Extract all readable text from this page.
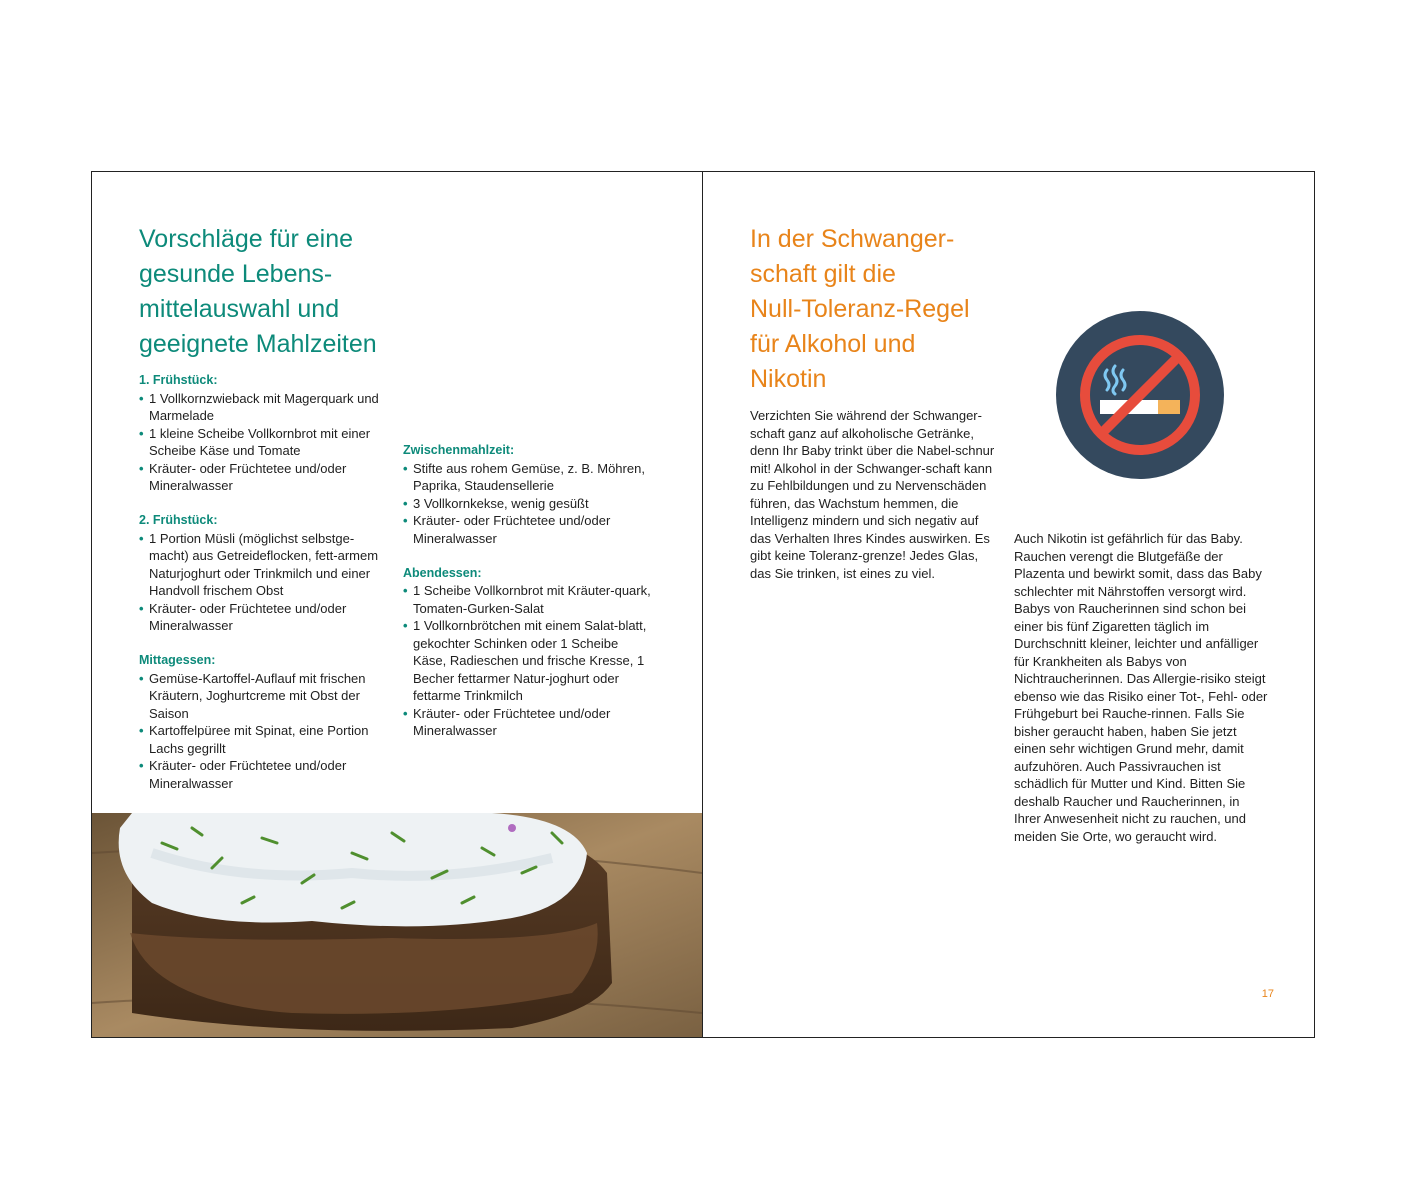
Vorschläge für eine
gesunde Lebens-
mittelauswahl und
geeignete Mahlzeiten

1. Frühstück:

• 1 Vollkornzwieback mit Magerquark und Marmelade
• 1 kleine Scheibe Vollkornbrot mit einer Scheibe Käse und Tomate
• Kräuter- oder Früchtetee und/oder Mineralwasser

2. Frühstück:

• 1 Portion Müsli (möglichst selbstge-macht) aus Getreideflocken, fett-armem Naturjoghurt oder Trinkmilch und einer Handvoll frischem Obst
• Kräuter- oder Früchtetee und/oder Mineralwasser

Mittagessen:

• Gemüse-Kartoffel-Auflauf mit frischen Kräutern, Joghurtcreme mit Obst der Saison
• Kartoffelpüree mit Spinat, eine Portion Lachs gegrillt
• Kräuter- oder Früchtetee und/oder Mineralwasser

Zwischenmahlzeit:

• Stifte aus rohem Gemüse, z. B. Möhren, Paprika, Staudensellerie
• 3 Vollkornkekse, wenig gesüßt
• Kräuter- oder Früchtetee und/oder Mineralwasser

Abendessen:

• 1 Scheibe Vollkornbrot mit Kräuter-quark, Tomaten-Gurken-Salat
• 1 Vollkornbrötchen mit einem Salat-blatt, gekochter Schinken oder 1 Scheibe Käse, Radieschen und frische Kresse, 1 Becher fettarmer Natur-joghurt oder fettarme Trinkmilch
• Kräuter- oder Früchtetee und/oder Mineralwasser
In der Schwanger-
schaft gilt die
Null-Toleranz-Regel
für Alkohol und
Nikotin

Verzichten Sie während der Schwanger-schaft ganz auf alkoholische Getränke, denn Ihr Baby trinkt über die Nabel-schnur mit! Alkohol in der Schwanger-schaft kann zu Fehlbildungen und zu Nervenschäden führen, das Wachstum hemmen, die Intelligenz mindern und sich negativ auf das Verhalten Ihres Kindes auswirken. Es gibt keine Toleranz-grenze! Jedes Glas, das Sie trinken, ist eines zu viel.

Auch Nikotin ist gefährlich für das Baby. Rauchen verengt die Blutgefäße der Plazenta und bewirkt somit, dass das Baby schlechter mit Nährstoffen versorgt wird. Babys von Raucherinnen sind schon bei einer bis fünf Zigaretten täglich im Durchschnitt kleiner, leichter und anfälliger für Krankheiten als Babys von Nichtraucherinnen. Das Allergie-risiko steigt ebenso wie das Risiko einer Tot-, Fehl- oder Frühgeburt bei Rauche-rinnen. Falls Sie bisher geraucht haben, haben Sie jetzt einen sehr wichtigen Grund mehr, damit aufzuhören. Auch Passivrauchen ist schädlich für Mutter und Kind. Bitten Sie deshalb Raucher und Raucherinnen, in Ihrer Anwesenheit nicht zu rauchen, und meiden Sie Orte, wo geraucht wird.

17
